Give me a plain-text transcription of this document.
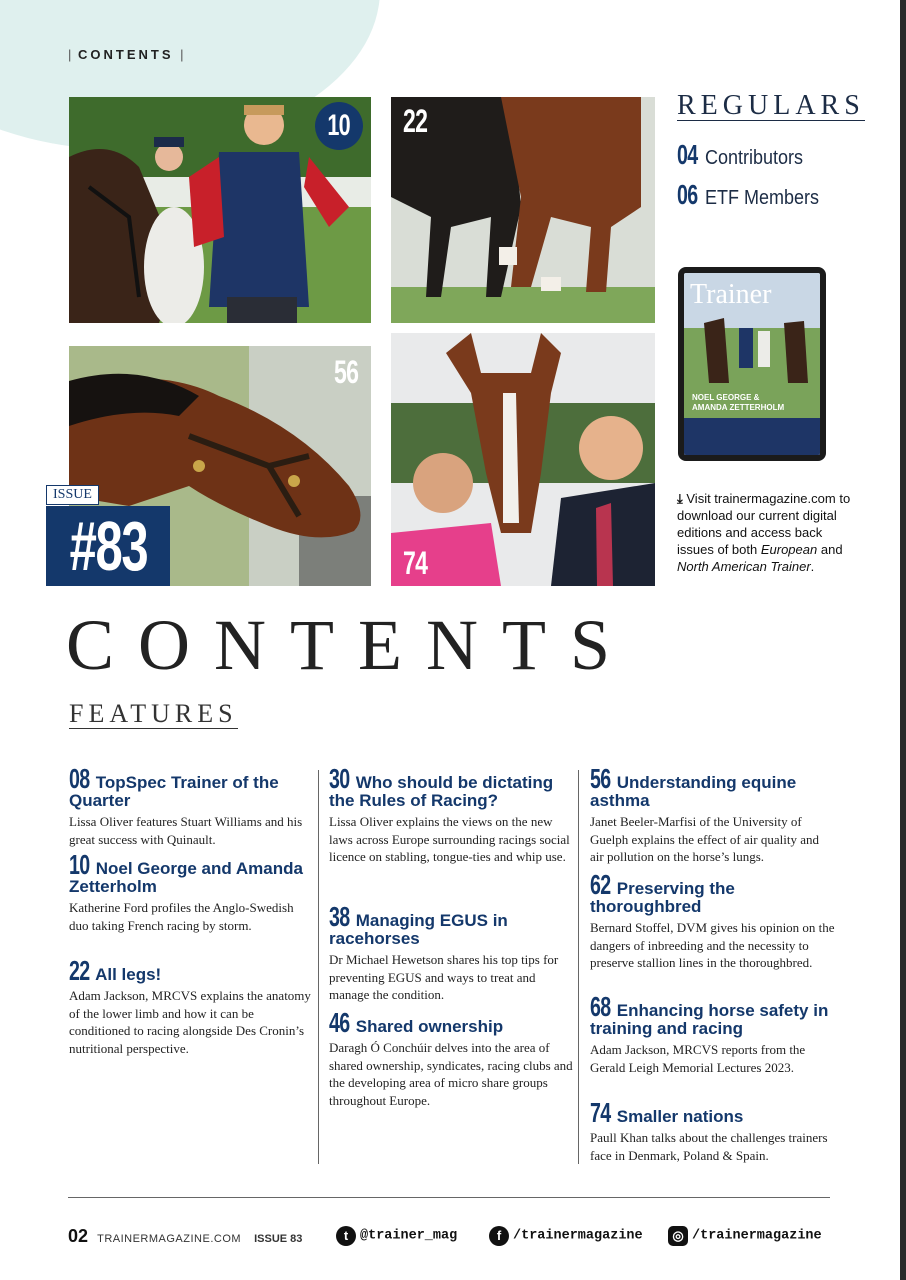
| CONTENTS |
10	22
56
74
ISSUE
#83
REGULARS
04 Contributors
06 ETF Members
Trainer
NOEL GEORGE &
AMANDA ZETTERHOLM
⤓ Visit trainermagazine.com to download our current digital editions and access back issues of both European and North American Trainer.
CONTENTS
FEATURES
08 TopSpec Trainer of the Quarter
Lissa Oliver features Stuart Williams and his great success with Quinault.
10 Noel George and Amanda Zetterholm
Katherine Ford profiles the Anglo-Swedish duo taking French racing by storm.
22 All legs!
Adam Jackson, MRCVS explains the anatomy of the lower limb and how it can be conditioned to racing alongside Des Cronin’s nutritional perspective.
30 Who should be dictating the Rules of Racing?
Lissa Oliver explains the views on the new laws across Europe surrounding racings social licence on stabling, tongue-ties and whip use.
38 Managing EGUS in racehorses
Dr Michael Hewetson shares his top tips for preventing EGUS and ways to treat and manage the condition.
46 Shared ownership
Daragh Ó Conchúir delves into the area of shared ownership, syndicates, racing clubs and the developing area of micro share groups throughout Europe.
56 Understanding equine asthma
Janet Beeler-Marfisi of the University of Guelph explains the effect of air quality and air pollution on the horse’s lungs.
62 Preserving the thoroughbred
Bernard Stoffel, DVM gives his opinion on the dangers of inbreeding and the necessity to preserve stallion lines in the thoroughbred.
68 Enhancing horse safety in training and racing
Adam Jackson, MRCVS reports from the Gerald Leigh Memorial Lectures 2023.
74 Smaller nations
Paull Khan talks about the challenges trainers face in Denmark, Poland & Spain.
02 TRAINERMAGAZINE.COM ISSUE 83	t @trainer_mag	f /trainermagazine	◎ /trainermagazine
